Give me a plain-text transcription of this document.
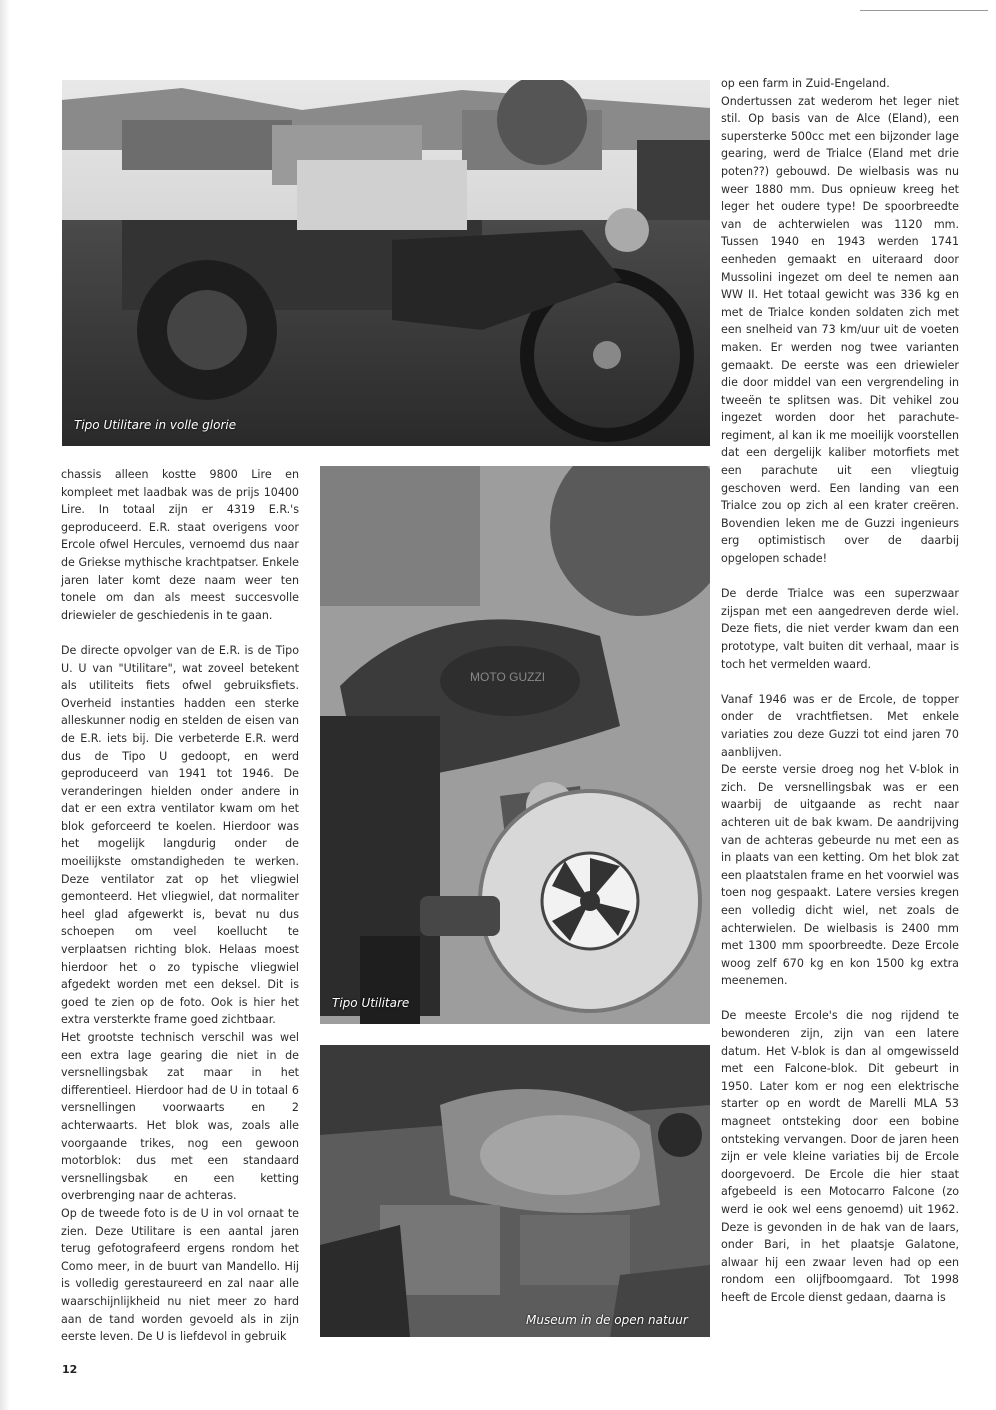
Tipo Utilitare in volle glorie
MOTO GUZZI
Tipo Utilitare
Museum in de open natuur

chassis alleen kostte 9800 Lire en kompleet met laadbak was de prijs 10400 Lire. In totaal zijn er 4319 E.R.'s geproduceerd. E.R. staat overigens voor Ercole ofwel Hercules, vernoemd dus naar de Griekse mythische krachtpatser. Enkele jaren later komt deze naam weer ten tonele om dan als meest succesvolle driewieler de geschiedenis in te gaan.

De directe opvolger van de E.R. is de Tipo U. U van "Utilitare", wat zoveel betekent als utiliteits fiets ofwel gebruiksfiets. Overheid instanties hadden een sterke alleskunner nodig en stelden de eisen van de E.R. iets bij. Die verbeterde E.R. werd dus de Tipo U gedoopt, en werd geproduceerd van 1941 tot 1946. De veranderingen hielden onder andere in dat er een extra ventilator kwam om het blok geforceerd te koelen. Hierdoor was het mogelijk langdurig onder de moeilijkste omstandigheden te werken. Deze ventilator zat op het vliegwiel gemonteerd. Het vliegwiel, dat normaliter heel glad afgewerkt is, bevat nu dus schoepen om veel koellucht te verplaatsen richting blok. Helaas moest hierdoor het o zo typische vliegwiel afgedekt worden met een deksel. Dit is goed te zien op de foto. Ook is hier het extra versterkte frame goed zichtbaar.

Het grootste technisch verschil was wel een extra lage gearing die niet in de versnellingsbak zat maar in het differentieel. Hierdoor had de U in totaal 6 versnellingen voorwaarts en 2 achterwaarts. Het blok was, zoals alle voorgaande trikes, nog een gewoon motorblok: dus met een standaard versnellingsbak en een ketting overbrenging naar de achteras.

Op de tweede foto is de U in vol ornaat te zien. Deze Utilitare is een aantal jaren terug gefotografeerd ergens rondom het Como meer, in de buurt van Mandello. Hij is volledig gerestaureerd en zal naar alle waarschijnlijkheid nu niet meer zo hard aan de tand worden gevoeld als in zijn eerste leven. De U is liefdevol in gebruik

op een farm in Zuid-Engeland.

Ondertussen zat wederom het leger niet stil. Op basis van de Alce (Eland), een supersterke 500cc met een bijzonder lage gearing, werd de Trialce (Eland met drie poten??) gebouwd. De wielbasis was nu weer 1880 mm. Dus opnieuw kreeg het leger het oudere type! De spoorbreedte van de achterwielen was 1120 mm. Tussen 1940 en 1943 werden 1741 eenheden gemaakt en uiteraard door Mussolini ingezet om deel te nemen aan WW II. Het totaal gewicht was 336 kg en met de Trialce konden soldaten zich met een snelheid van 73 km/uur uit de voeten maken. Er werden nog twee varianten gemaakt. De eerste was een driewieler die door middel van een vergrendeling in tweeën te splitsen was. Dit vehikel zou ingezet worden door het parachute-regiment, al kan ik me moeilijk voorstellen dat een dergelijk kaliber motorfiets met een parachute uit een vliegtuig geschoven werd. Een landing van een Trialce zou op zich al een krater creëren. Bovendien leken me de Guzzi ingenieurs erg optimistisch over de daarbij opgelopen schade!

De derde Trialce was een superzwaar zijspan met een aangedreven derde wiel. Deze fiets, die niet verder kwam dan een prototype, valt buiten dit verhaal, maar is toch het vermelden waard.

Vanaf 1946 was er de Ercole, de topper onder de vrachtfietsen. Met enkele variaties zou deze Guzzi tot eind jaren 70 aanblijven.

De eerste versie droeg nog het V-blok in zich. De versnellingsbak was er een waarbij de uitgaande as recht naar achteren uit de bak kwam. De aandrijving van de achteras gebeurde nu met een as in plaats van een ketting. Om het blok zat een plaatstalen frame en het voorwiel was toen nog gespaakt. Latere versies kregen een volledig dicht wiel, net zoals de achterwielen. De wielbasis is 2400 mm met 1300 mm spoorbreedte. Deze Ercole woog zelf 670 kg en kon 1500 kg extra meenemen.

De meeste Ercole's die nog rijdend te bewonderen zijn, zijn van een latere datum. Het V-blok is dan al omgewisseld met een Falcone-blok. Dit gebeurt in 1950. Later kom er nog een elektrische starter op en wordt de Marelli MLA 53 magneet ontsteking door een bobine ontsteking vervangen. Door de jaren heen zijn er vele kleine variaties bij de Ercole doorgevoerd. De Ercole die hier staat afgebeeld is een Motocarro Falcone (zo werd ie ook wel eens genoemd) uit 1962. Deze is gevonden in de hak van de laars, onder Bari, in het plaatsje Galatone, alwaar hij een zwaar leven had op een rondom een olijfboomgaard. Tot 1998 heeft de Ercole dienst gedaan, daarna is

12
